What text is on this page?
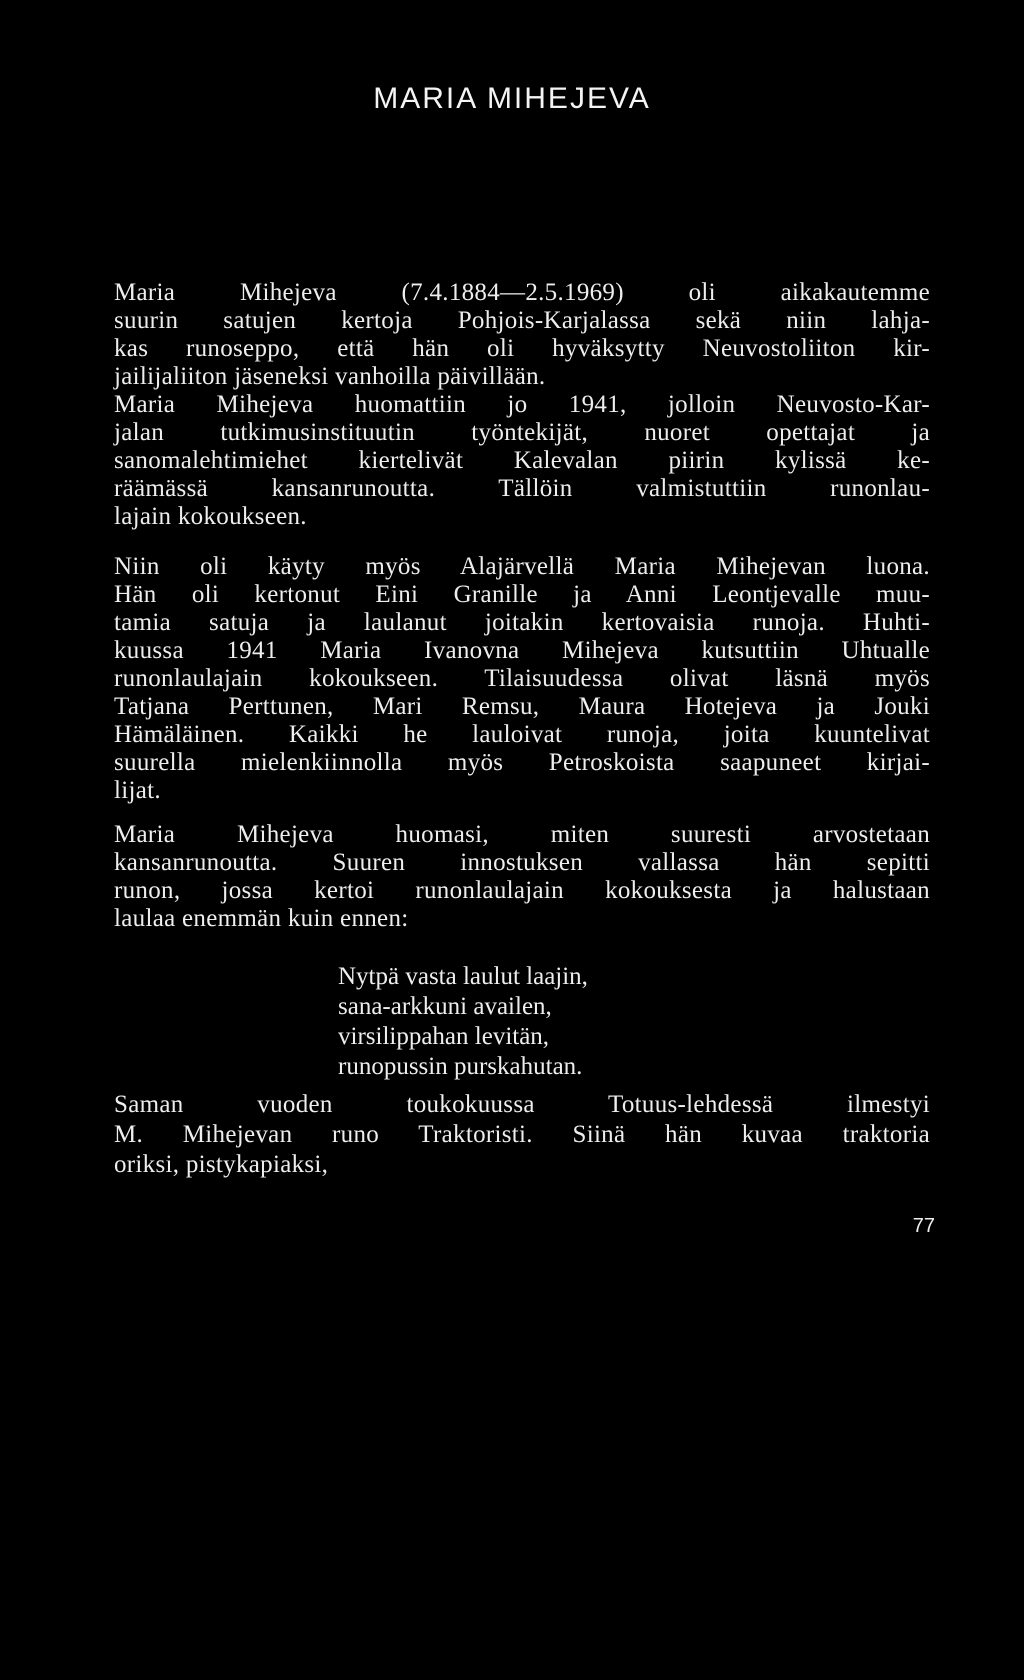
MARIA MIHEJEVA
Maria Mihejeva (7.4.1884—2.5.1969) oli aikakautemme
suurin satujen kertoja Pohjois-Karjalassa sekä niin lahja-
kas runoseppo, että hän oli hyväksytty Neuvostoliiton kir-
jailijaliiton jäseneksi vanhoilla päivillään.
Maria Mihejeva huomattiin jo 1941, jolloin Neuvosto-Kar-
jalan tutkimusinstituutin työntekijät, nuoret opettajat ja
sanomalehtimiehet kiertelivät Kalevalan piirin kylissä ke-
räämässä kansanrunoutta. Tällöin valmistuttiin runonlau-
lajain kokoukseen.
Niin oli käyty myös Alajärvellä Maria Mihejevan luona.
Hän oli kertonut Eini Granille ja Anni Leontjevalle muu-
tamia satuja ja laulanut joitakin kertovaisia runoja. Huhti-
kuussa 1941 Maria Ivanovna Mihejeva kutsuttiin Uhtualle
runonlaulajain kokoukseen. Tilaisuudessa olivat läsnä myös
Tatjana Perttunen, Mari Remsu, Maura Hotejeva ja Jouki
Hämäläinen. Kaikki he lauloivat runoja, joita kuuntelivat
suurella mielenkiinnolla myös Petroskoista saapuneet kirjai-
lijat.
Maria Mihejeva huomasi, miten suuresti arvostetaan
kansanrunoutta. Suuren innostuksen vallassa hän sepitti
runon, jossa kertoi runonlaulajain kokouksesta ja halustaan
laulaa enemmän kuin ennen:
Nytpä vasta laulut laajin,
sana-arkkuni availen,
virsilippahan levitän,
runopussin purskahutan.
Saman vuoden toukokuussa Totuus-lehdessä ilmestyi
M. Mihejevan runo Traktoristi. Siinä hän kuvaa traktoria
oriksi, pistykapiaksi,
77
